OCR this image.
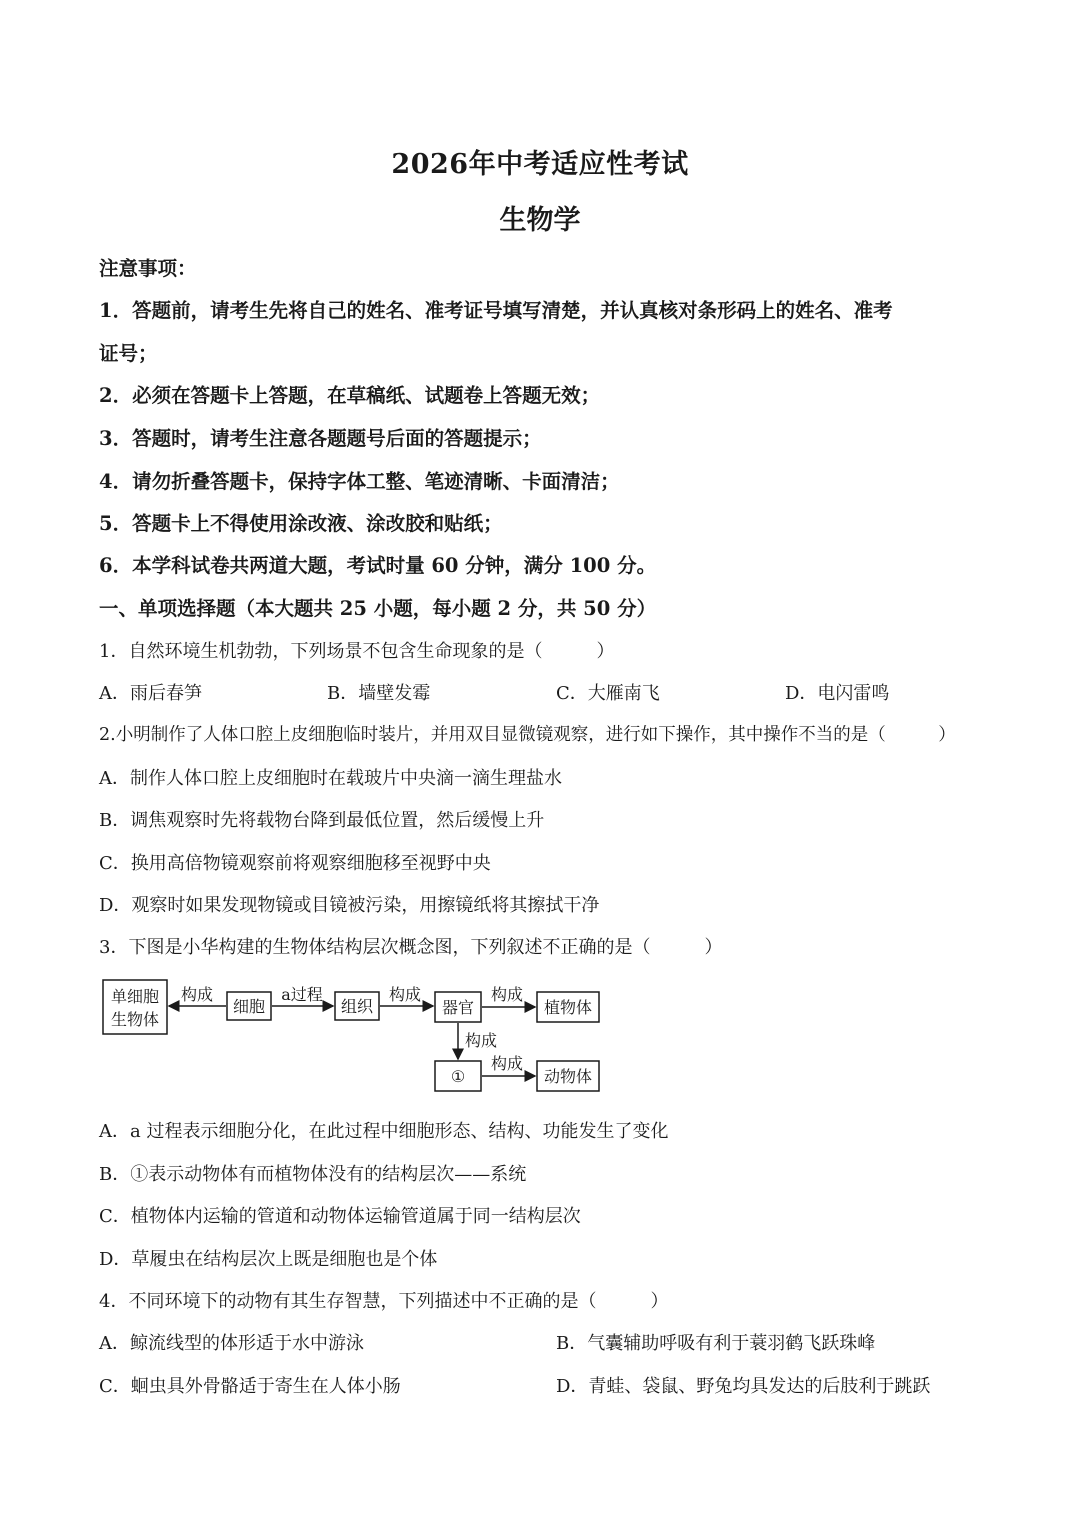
2026年中考适应性考试
生物学
注意事项：
1．答题前，请考生先将自己的姓名、准考证号填写清楚，并认真核对条形码上的姓名、准考
证号；
2．必须在答题卡上答题，在草稿纸、试题卷上答题无效；
3．答题时，请考生注意各题题号后面的答题提示；
4．请勿折叠答题卡，保持字体工整、笔迹清晰、卡面清洁；
5．答题卡上不得使用涂改液、涂改胶和贴纸；
6．本学科试卷共两道大题，考试时量 60 分钟，满分 100 分。
一、单项选择题（本大题共 25 小题，每小题 2 分，共 50 分）
1．自然环境生机勃勃，下列场景不包含生命现象的是（　　　）
A．雨后春笋	B．墙壁发霉	C．大雁南飞	D．电闪雷鸣
2.小明制作了人体口腔上皮细胞临时装片，并用双目显微镜观察，进行如下操作，其中操作不当的是（　　　）
A．制作人体口腔上皮细胞时在载玻片中央滴一滴生理盐水
B．调焦观察时先将载物台降到最低位置，然后缓慢上升
C．换用高倍物镜观察前将观察细胞移至视野中央
D．观察时如果发现物镜或目镜被污染，用擦镜纸将其擦拭干净
3．下图是小华构建的生物体结构层次概念图，下列叙述不正确的是（　　　）
单细胞
生物体
细胞	组织	器官	植物体
①	动物体
构成	a过程	构成	构成
构成
构成
A．a 过程表示细胞分化，在此过程中细胞形态、结构、功能发生了变化
B．①表示动物体有而植物体没有的结构层次——系统
C．植物体内运输的管道和动物体运输管道属于同一结构层次
D．草履虫在结构层次上既是细胞也是个体
4．不同环境下的动物有其生存智慧，下列描述中不正确的是（　　　）
A．鲸流线型的体形适于水中游泳	B．气囊辅助呼吸有利于蓑羽鹤飞跃珠峰
C．蛔虫具外骨骼适于寄生在人体小肠	D．青蛙、袋鼠、野兔均具发达的后肢利于跳跃
